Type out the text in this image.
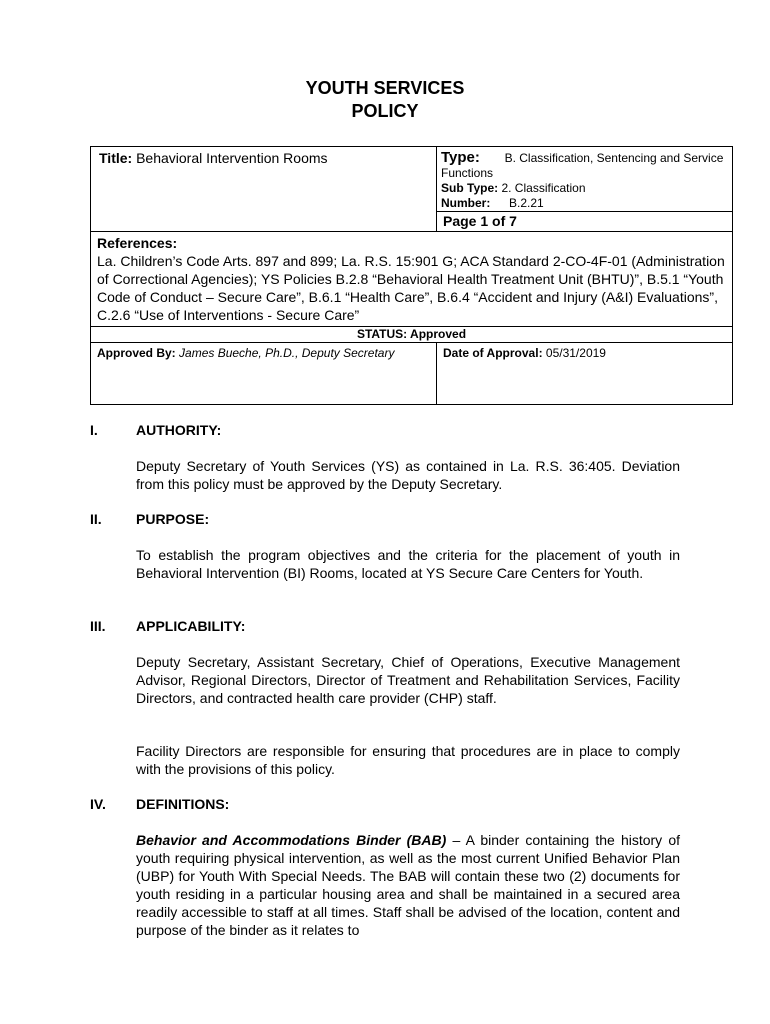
YOUTH SERVICES
POLICY
Title: Behavioral Intervention Rooms	Type: B. Classification, Sentencing and Service Functions
Sub Type: 2. Classification
Number: B.2.21
	Page 1 of 7

References:
La. Children’s Code Arts. 897 and 899; La. R.S. 15:901 G; ACA Standard 2-CO-4F-01 (Administration of Correctional Agencies); YS Policies B.2.8 “Behavioral Health Treatment Unit (BHTU)”, B.5.1 “Youth Code of Conduct – Secure Care”, B.6.1 “Health Care”, B.6.4 “Accident and Injury (A&I) Evaluations”, C.2.6 “Use of Interventions - Secure Care”	

STATUS: Approved	
Approved By: James Bueche, Ph.D., Deputy Secretary	Date of Approval: 05/31/2019
I.	AUTHORITY:

Deputy Secretary of Youth Services (YS) as contained in La. R.S. 36:405. Deviation from this policy must be approved by the Deputy Secretary.

II. PURPOSE:

To establish the program objectives and the criteria for the placement of youth in Behavioral Intervention (BI) Rooms, located at YS Secure Care Centers for Youth.

III. APPLICABILITY:

Deputy Secretary, Assistant Secretary, Chief of Operations, Executive Management Advisor, Regional Directors, Director of Treatment and Rehabilitation Services, Facility Directors, and contracted health care provider (CHP) staff.

Facility Directors are responsible for ensuring that procedures are in place to comply with the provisions of this policy.

IV. DEFINITIONS:

Behavior and Accommodations Binder (BAB) – A binder containing the history of youth requiring physical intervention, as well as the most current Unified Behavior Plan (UBP) for Youth With Special Needs. The BAB will contain these two (2) documents for youth residing in a particular housing area and shall be maintained in a secured area readily accessible to staff at all times. Staff shall be advised of the location, content and purpose of the binder as it relates to
